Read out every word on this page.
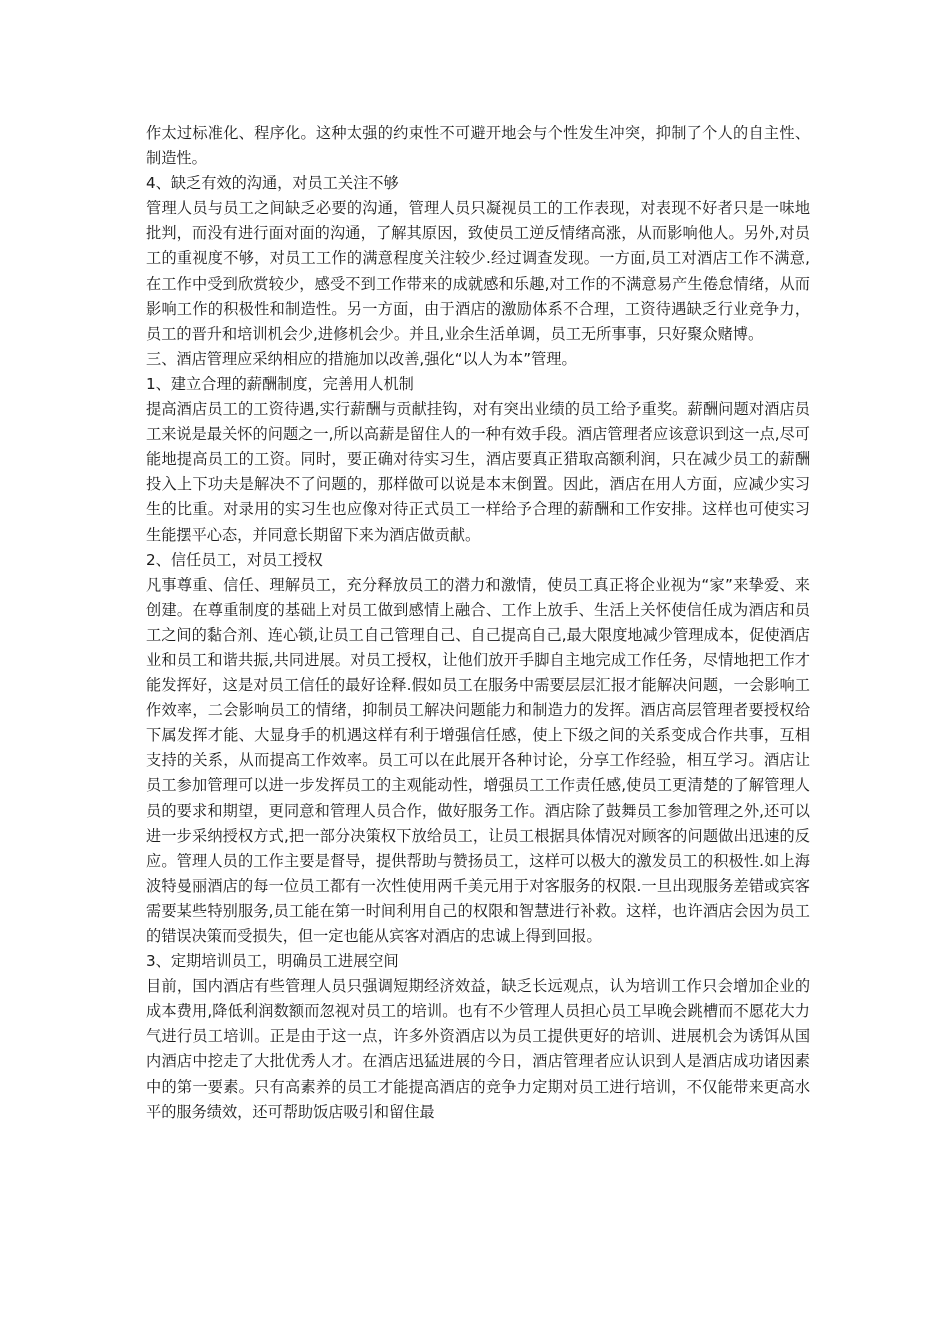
作太过标准化、程序化。这种太强的约束性不可避开地会与个性发生冲突，抑制了个人的自主性、制造性。

4、缺乏有效的沟通，对员工关注不够

管理人员与员工之间缺乏必要的沟通，管理人员只凝视员工的工作表现，对表现不好者只是一味地批判，而没有进行面对面的沟通，了解其原因，致使员工逆反情绪高涨，从而影响他人。另外,对员工的重视度不够，对员工工作的满意程度关注较少.经过调查发现。一方面,员工对酒店工作不满意,在工作中受到欣赏较少，感受不到工作带来的成就感和乐趣,对工作的不满意易产生倦怠情绪，从而影响工作的积极性和制造性。另一方面，由于酒店的激励体系不合理，工资待遇缺乏行业竞争力，员工的晋升和培训机会少,进修机会少。并且,业余生活单调，员工无所事事，只好聚众赌博。

三、酒店管理应采纳相应的措施加以改善,强化“以人为本”管理。

1、建立合理的薪酬制度，完善用人机制

提高酒店员工的工资待遇,实行薪酬与贡献挂钩，对有突出业绩的员工给予重奖。薪酬问题对酒店员工来说是最关怀的问题之一,所以高薪是留住人的一种有效手段。酒店管理者应该意识到这一点,尽可能地提高员工的工资。同时，要正确对待实习生，酒店要真正猎取高额利润，只在减少员工的薪酬投入上下功夫是解决不了问题的，那样做可以说是本末倒置。因此，酒店在用人方面，应减少实习生的比重。对录用的实习生也应像对待正式员工一样给予合理的薪酬和工作安排。这样也可使实习生能摆平心态，并同意长期留下来为酒店做贡献。

2、信任员工，对员工授权

凡事尊重、信任、理解员工，充分释放员工的潜力和激情，使员工真正将企业视为“家”来挚爱、来创建。在尊重制度的基础上对员工做到感情上融合、工作上放手、生活上关怀使信任成为酒店和员工之间的黏合剂、连心锁,让员工自己管理自己、自己提高自己,最大限度地减少管理成本，促使酒店业和员工和谐共振,共同进展。对员工授权，让他们放开手脚自主地完成工作任务，尽情地把工作才能发挥好，这是对员工信任的最好诠释.假如员工在服务中需要层层汇报才能解决问题，一会影响工作效率，二会影响员工的情绪，抑制员工解决问题能力和制造力的发挥。酒店高层管理者要授权给下属发挥才能、大显身手的机遇这样有利于增强信任感，使上下级之间的关系变成合作共事，互相支持的关系，从而提高工作效率。员工可以在此展开各种讨论，分享工作经验，相互学习。酒店让员工参加管理可以进一步发挥员工的主观能动性，增强员工工作责任感,使员工更清楚的了解管理人员的要求和期望，更同意和管理人员合作，做好服务工作。酒店除了鼓舞员工参加管理之外,还可以进一步采纳授权方式,把一部分决策权下放给员工，让员工根据具体情况对顾客的问题做出迅速的反应。管理人员的工作主要是督导，提供帮助与赞扬员工，这样可以极大的激发员工的积极性.如上海波特曼丽酒店的每一位员工都有一次性使用两千美元用于对客服务的权限.一旦出现服务差错或宾客需要某些特别服务,员工能在第一时间利用自己的权限和智慧进行补救。这样，也许酒店会因为员工的错误决策而受损失，但一定也能从宾客对酒店的忠诚上得到回报。

3、定期培训员工，明确员工进展空间

目前，国内酒店有些管理人员只强调短期经济效益，缺乏长远观点，认为培训工作只会增加企业的成本费用,降低利润数额而忽视对员工的培训。也有不少管理人员担心员工早晚会跳槽而不愿花大力气进行员工培训。正是由于这一点，许多外资酒店以为员工提供更好的培训、进展机会为诱饵从国内酒店中挖走了大批优秀人才。在酒店迅猛进展的今日，酒店管理者应认识到人是酒店成功诸因素中的第一要素。只有高素养的员工才能提高酒店的竞争力定期对员工进行培训，不仅能带来更高水平的服务绩效，还可帮助饭店吸引和留住最
